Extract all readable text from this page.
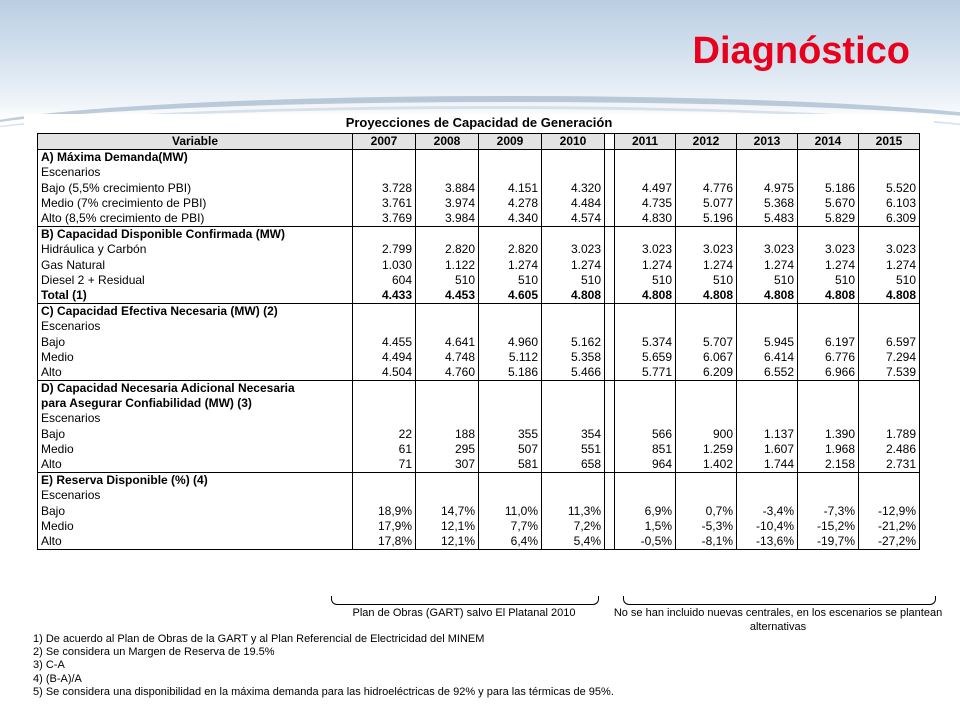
Diagnóstico
Proyecciones de Capacidad de Generación
Variable	2007	2008	2009	2010		2011	2012	2013	2014	2015
A) Máxima Demanda(MW)										
Escenarios										
Bajo (5,5% crecimiento PBI)	3.728	3.884	4.151	4.320		4.497	4.776	4.975	5.186	5.520
Medio (7% crecimiento de PBI)	3.761	3.974	4.278	4.484		4.735	5.077	5.368	5.670	6.103
Alto (8,5% crecimiento de PBI)	3.769	3.984	4.340	4.574		4.830	5.196	5.483	5.829	6.309
B) Capacidad Disponible Confirmada (MW)										
Hidráulica y Carbón	2.799	2.820	2.820	3.023		3.023	3.023	3.023	3.023	3.023
Gas Natural	1.030	1.122	1.274	1.274		1.274	1.274	1.274	1.274	1.274
Diesel 2 + Residual	604	510	510	510		510	510	510	510	510
Total (1)	4.433	4.453	4.605	4.808		4.808	4.808	4.808	4.808	4.808
C) Capacidad Efectiva Necesaria (MW) (2)										
Escenarios										
Bajo	4.455	4.641	4.960	5.162		5.374	5.707	5.945	6.197	6.597
Medio	4.494	4.748	5.112	5.358		5.659	6.067	6.414	6.776	7.294
Alto	4.504	4.760	5.186	5.466		5.771	6.209	6.552	6.966	7.539
D) Capacidad Necesaria Adicional Necesaria										
para Asegurar Confiabilidad (MW) (3)										
Escenarios										
Bajo	22	188	355	354		566	900	1.137	1.390	1.789
Medio	61	295	507	551		851	1.259	1.607	1.968	2.486
Alto	71	307	581	658		964	1.402	1.744	2.158	2.731
E) Reserva Disponible (%) (4)										
Escenarios										
Bajo	18,9%	14,7%	11,0%	11,3%		6,9%	0,7%	-3,4%	-7,3%	-12,9%
Medio	17,9%	12,1%	7,7%	7,2%		1,5%	-5,3%	-10,4%	-15,2%	-21,2%
Alto	17,8%	12,1%	6,4%	5,4%		-0,5%	-8,1%	-13,6%	-19,7%	-27,2%
Plan de Obras (GART) salvo El Platanal 2010	No se han incluido nuevas centrales, en los escenarios se plantean alternativas
1) De acuerdo al Plan de Obras de la GART y al Plan Referencial de Electricidad del MINEM
2) Se considera un Margen de Reserva de 19.5%
3) C-A
4) (B-A)/A
5) Se considera una disponibilidad en la máxima demanda para las hidroeléctricas de 92% y para las térmicas de 95%.
